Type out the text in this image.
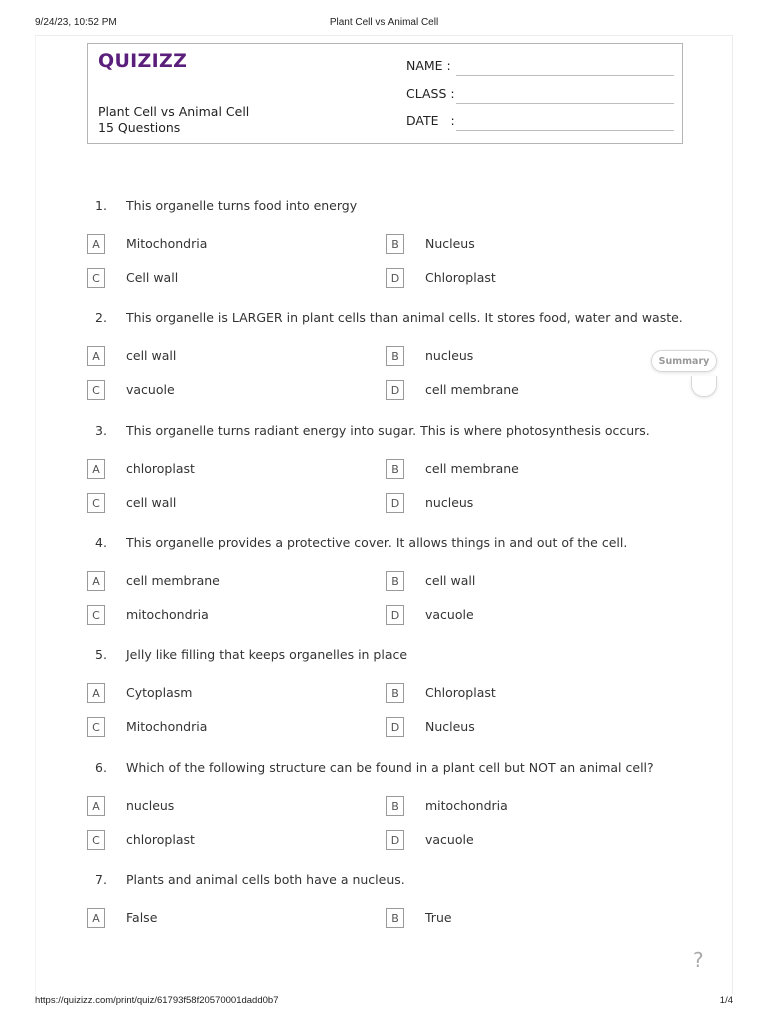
9/24/23, 10:52 PM	Plant Cell vs Animal Cell
QUIZIZZ
Plant Cell vs Animal Cell
15 Questions
NAME :
CLASS :
DATE   :
1. This organelle turns food into energy
A	Mitochondria	B	Nucleus
C	Cell wall	D	Chloroplast
2. This organelle is LARGER in plant cells than animal cells. It stores food, water and waste.
A	cell wall	B	nucleus
C	vacuole	D	cell membrane
3. This organelle turns radiant energy into sugar. This is where photosynthesis occurs.
A	chloroplast	B	cell membrane
C	cell wall	D	nucleus
4. This organelle provides a protective cover. It allows things in and out of the cell.
A	cell membrane	B	cell wall
C	mitochondria	D	vacuole
5. Jelly like filling that keeps organelles in place
A	Cytoplasm	B	Chloroplast
C	Mitochondria	D	Nucleus
6. Which of the following structure can be found in a plant cell but NOT an animal cell?
A	nucleus	B	mitochondria
C	chloroplast	D	vacuole
7. Plants and animal cells both have a nucleus.
A	False	B	True
Summary
?
https://quizizz.com/print/quiz/61793f58f20570001dadd0b7	1/4
